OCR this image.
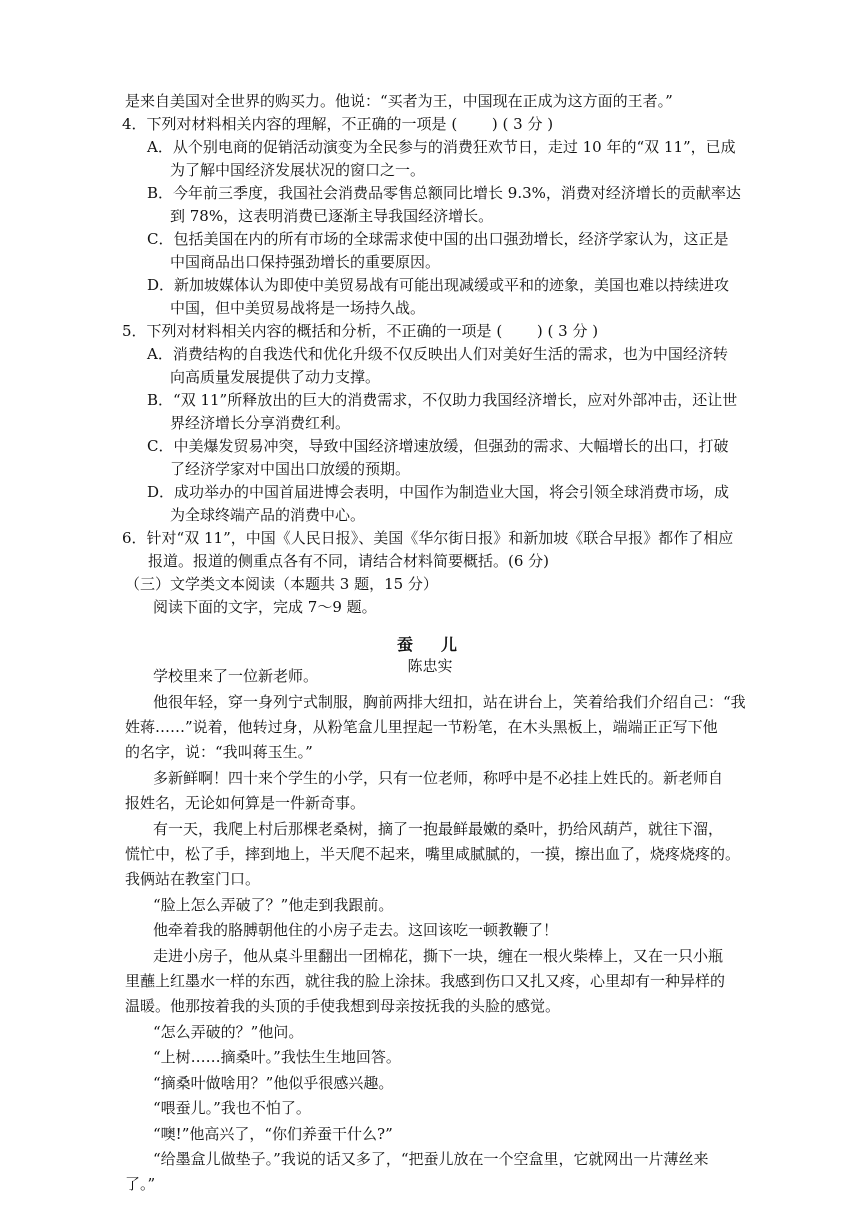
是来自美国对全世界的购买力。他说：“买者为王，中国现在正成为这方面的王者。”
4．下列对材料相关内容的理解，不正确的一项是 (　　 ) ( 3 分 )
A．从个别电商的促销活动演变为全民参与的消费狂欢节日，走过 10 年的“双 11”，已成
为了解中国经济发展状况的窗口之一。
B．今年前三季度，我国社会消费品零售总额同比增长 9.3%，消费对经济增长的贡献率达
到 78%，这表明消费已逐渐主导我国经济增长。
C．包括美国在内的所有市场的全球需求使中国的出口强劲增长，经济学家认为，这正是
中国商品出口保持强劲增长的重要原因。
D．新加坡媒体认为即使中美贸易战有可能出现减缓或平和的迹象，美国也难以持续进攻
中国，但中美贸易战将是一场持久战。
5．下列对材料相关内容的概括和分析，不正确的一项是 (　　 ) ( 3 分 )
A．消费结构的自我迭代和优化升级不仅反映出人们对美好生活的需求，也为中国经济转
向高质量发展提供了动力支撑。
B．“双 11”所释放出的巨大的消费需求，不仅助力我国经济增长，应对外部冲击，还让世
界经济增长分享消费红利。
C．中美爆发贸易冲突，导致中国经济增速放缓，但强劲的需求、大幅增长的出口，打破
了经济学家对中国出口放缓的预期。
D．成功举办的中国首届进博会表明，中国作为制造业大国，将会引领全球消费市场，成
为全球终端产品的消费中心。
6．针对“双 11”，中国《人民日报》、美国《华尔街日报》和新加坡《联合早报》都作了相应
报道。报道的侧重点各有不同，请结合材料简要概括。(6 分)
（三）文学类文本阅读（本题共 3 题，15 分）
阅读下面的文字，完成 7～9 题。
学校里来了一位新老师。
他很年轻，穿一身列宁式制服，胸前两排大纽扣，站在讲台上，笑着给我们介绍自己：“我
姓蒋……”说着，他转过身，从粉笔盒儿里捏起一节粉笔，在木头黑板上，端端正正写下他
的名字，说：“我叫蒋玉生。”
多新鲜啊！四十来个学生的小学，只有一位老师，称呼中是不必挂上姓氏的。新老师自
报姓名，无论如何算是一件新奇事。
有一天，我爬上村后那棵老桑树，摘了一抱最鲜最嫩的桑叶，扔给风葫芦，就往下溜，
慌忙中，松了手，摔到地上，半天爬不起来，嘴里咸腻腻的，一摸，擦出血了，烧疼烧疼的。
我俩站在教室门口。
“脸上怎么弄破了？”他走到我跟前。
他牵着我的胳膊朝他住的小房子走去。这回该吃一顿教鞭了！
走进小房子，他从桌斗里翻出一团棉花，撕下一块，缠在一根火柴棒上，又在一只小瓶
里蘸上红墨水一样的东西，就往我的脸上涂抹。我感到伤口又扎又疼，心里却有一种异样的
温暖。他那按着我的头顶的手使我想到母亲按抚我的头脸的感觉。
“怎么弄破的？”他问。
“上树……摘桑叶。”我怯生生地回答。
“摘桑叶做啥用？”他似乎很感兴趣。
“喂蚕儿。”我也不怕了。
“噢!”他高兴了，“你们养蚕干什么?”
“给墨盒儿做垫子。”我说的话又多了，“把蚕儿放在一个空盒里，它就网出一片薄丝来
了。”
蚕　儿
陈忠实
